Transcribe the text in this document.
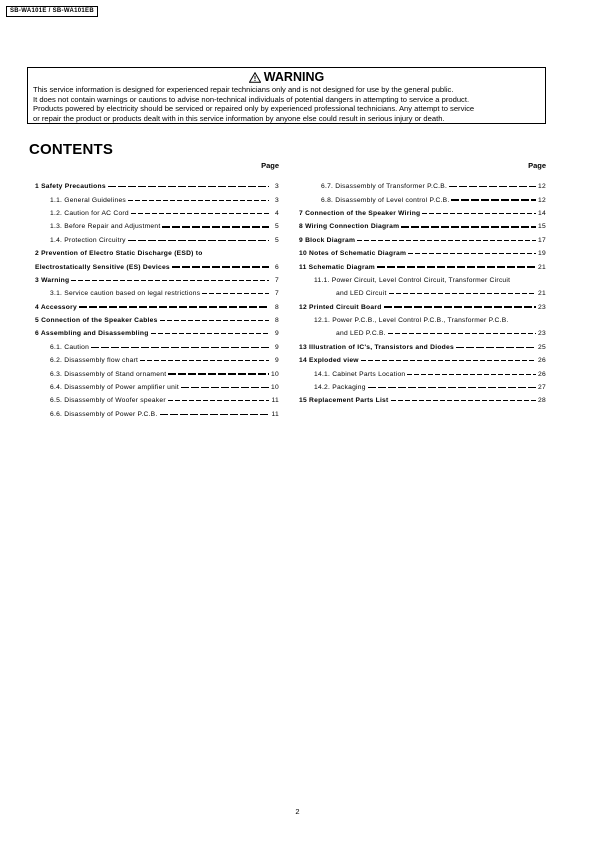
SB-WA101E / SB-WA101EB
WARNING
This service information is designed for experienced repair technicians only and is not designed for use by the general public.
It does not contain warnings or cautions to advise non-technical individuals of potential dangers in attempting to service a product.
Products powered by electricity should be serviced or repaired only by experienced professional technicians. Any attempt to service
or repair the product or products dealt with in this service information by anyone else could result in serious injury or death.
CONTENTS
Page
1 Safety Precautions	3
1.1. General Guidelines	3
1.2. Caution for AC Cord	4
1.3. Before Repair and Adjustment	5
1.4. Protection Circuitry	5
2 Prevention of Electro Static Discharge (ESD) to
Electrostatically Sensitive (ES) Devices	6
3 Warning	7
3.1. Service caution based on legal restrictions	7
4 Accessory	8
5 Connection of the Speaker Cables	8
6 Assembling and Disassembling	9
6.1. Caution	9
6.2. Disassembly flow chart	9
6.3. Disassembly of Stand ornament	10
6.4. Disassembly of Power amplifier unit	10
6.5. Disassembly of Woofer speaker	11
6.6. Disassembly of Power P.C.B.	11
Page
6.7. Disassembly of Transformer P.C.B.	12
6.8. Disassembly of Level control P.C.B.	12
7 Connection of the Speaker Wiring	14
8 Wiring Connection Diagram	15
9 Block Diagram	17
10 Notes of Schematic Diagram	19
11 Schematic Diagram	21
11.1. Power Circuit, Level Control Circuit, Transformer Circuit
and LED Circuit	21
12 Printed Circuit Board	23
12.1. Power P.C.B., Level Control P.C.B., Transformer P.C.B.
and LED P.C.B.	23
13 Illustration of IC's, Transistors and Diodes	25
14 Exploded view	26
14.1. Cabinet Parts Location	26
14.2. Packaging	27
15 Replacement Parts List	28
2
